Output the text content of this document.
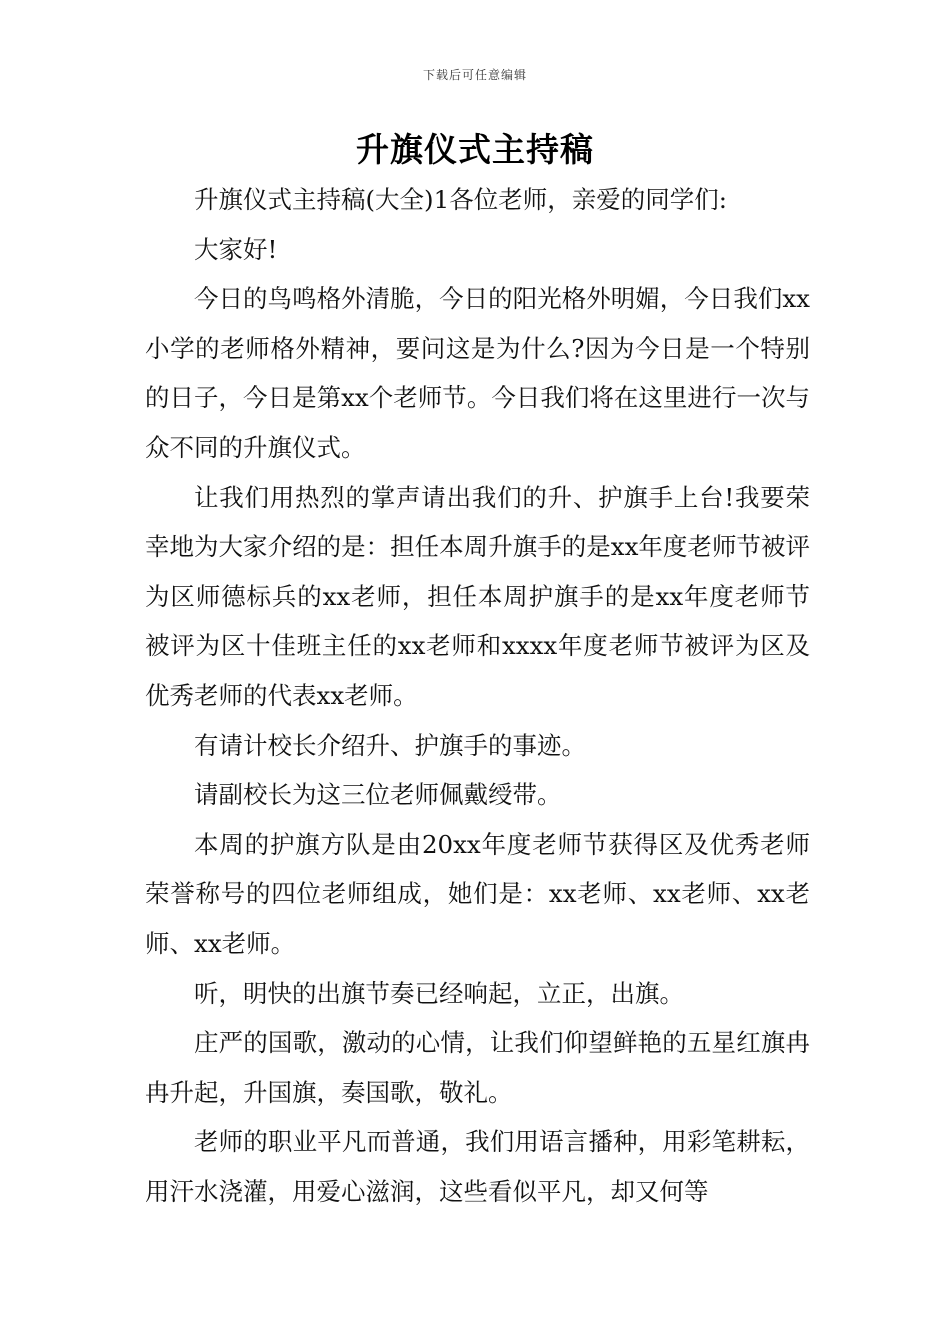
下载后可任意编辑
升旗仪式主持稿

升旗仪式主持稿(大全)1各位老师，亲爱的同学们:

大家好!

今日的鸟鸣格外清脆，今日的阳光格外明媚，今日我们xx小学的老师格外精神，要问这是为什么?因为今日是一个特别的日子，今日是第xx个老师节。今日我们将在这里进行一次与众不同的升旗仪式。

让我们用热烈的掌声请出我们的升、护旗手上台!我要荣幸地为大家介绍的是：担任本周升旗手的是xx年度老师节被评为区师德标兵的xx老师，担任本周护旗手的是xx年度老师节被评为区十佳班主任的xx老师和xxxx年度老师节被评为区及优秀老师的代表xx老师。

有请计校长介绍升、护旗手的事迹。

请副校长为这三位老师佩戴绶带。

本周的护旗方队是由20xx年度老师节获得区及优秀老师荣誉称号的四位老师组成，她们是：xx老师、xx老师、xx老师、xx老师。

听，明快的出旗节奏已经响起，立正，出旗。

庄严的国歌，激动的心情，让我们仰望鲜艳的五星红旗冉冉升起，升国旗，奏国歌，敬礼。

老师的职业平凡而普通，我们用语言播种，用彩笔耕耘，用汗水浇灌，用爱心滋润，这些看似平凡，却又何等
